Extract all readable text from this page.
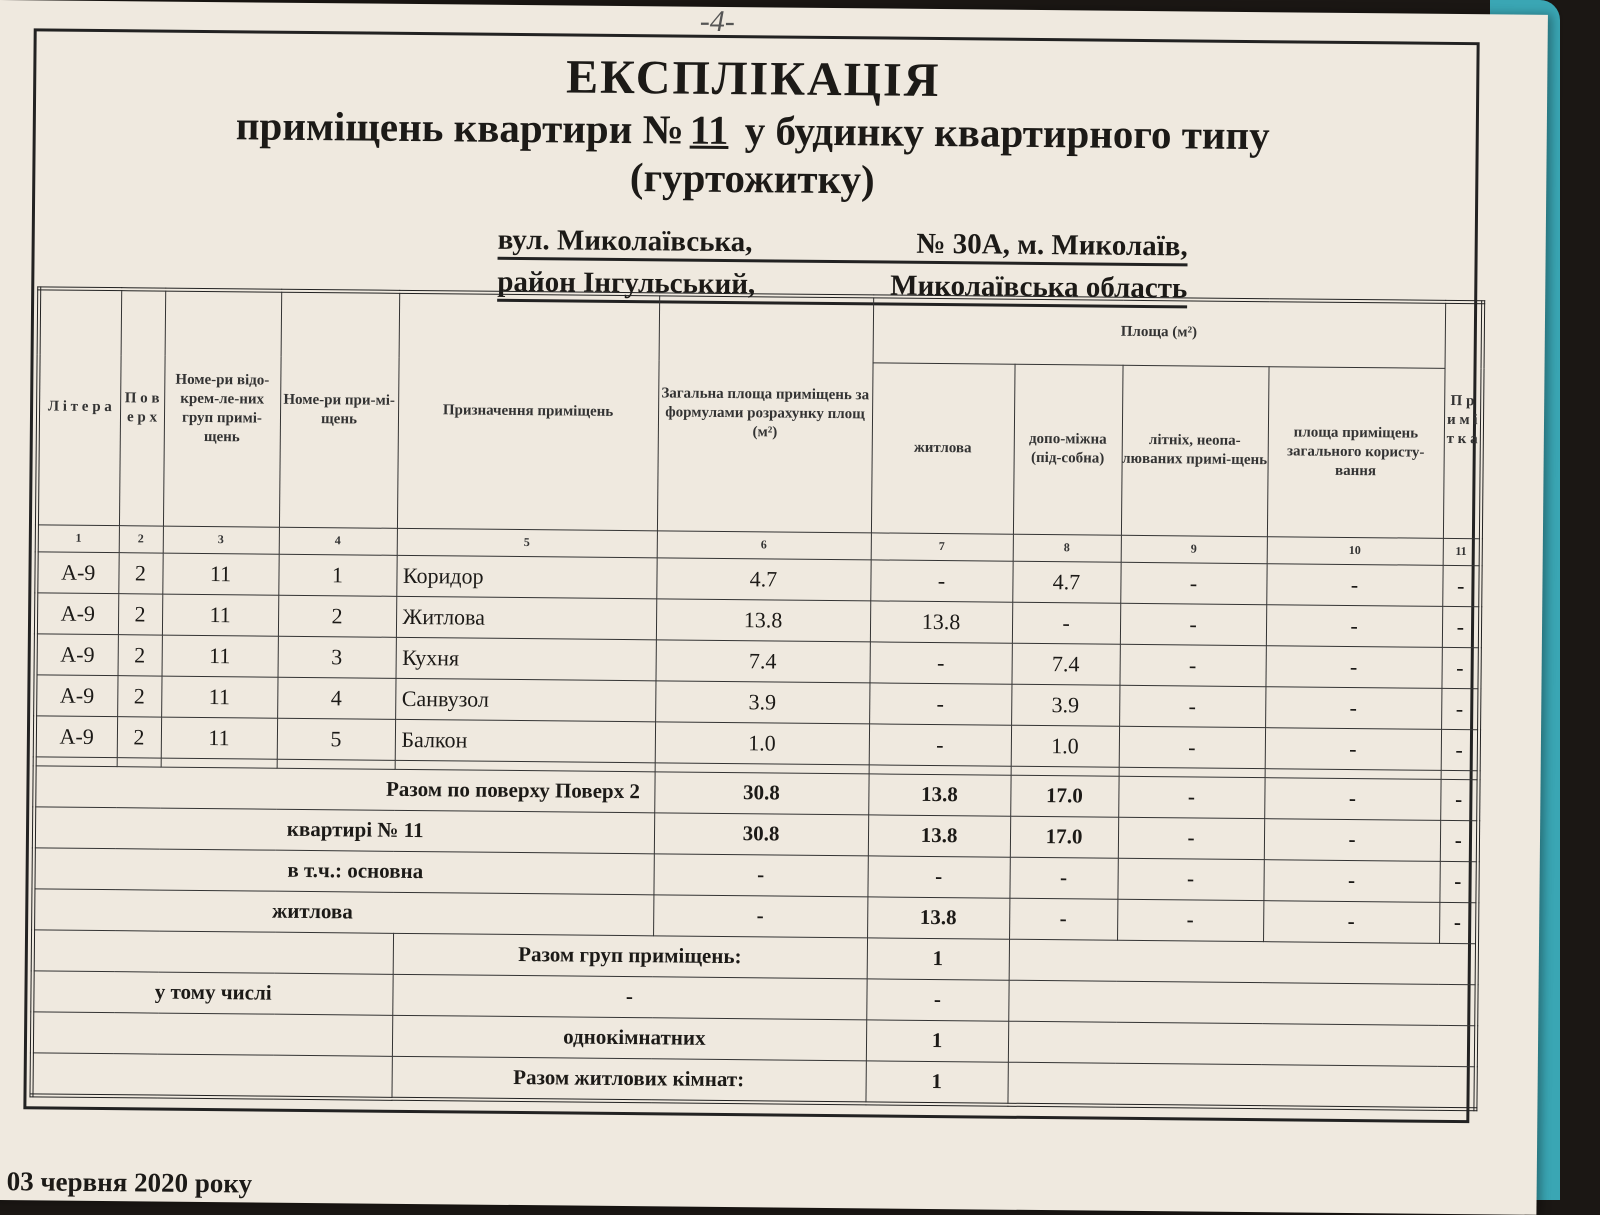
-4-
ЕКСПЛІКАЦІЯ
приміщень квартири № 11 у будинку квартирного типу
(гуртожитку)
вул. Миколаївська,	№ 30А, м. Миколаїв,
район Інгульський,	Миколаївська область
Л і т е р а	П о в е р х	Номе-ри відо-крем-ле-них груп примі-щень	Номе-ри при-мі-щень	Призначення приміщень	Загальна площа приміщень за формулами розрахунку площ (м²)	Площа (м²)				П р и м і т к а
						житлова	допо-міжна (під-собна)	літніх, неопа-люваних примі-щень	площа приміщень загального користу-вання	
1	2	3	4	5	6	7	8	9	10	11
А-9	2	11	1	Коридор	4.7	-	4.7	-	-	-
А-9	2	11	2	Житлова	13.8	13.8	-	-	-	-
А-9	2	11	3	Кухня	7.4	-	7.4	-	-	-
А-9	2	11	4	Санвузол	3.9	-	3.9	-	-	-
А-9	2	11	5	Балкон	1.0	-	1.0	-	-	-

Разом по поверху Поверх 2					30.8	13.8	17.0	-	-	-
квартирі № 11					30.8	13.8	17.0	-	-	-
в т.ч.: основна					-	-	-	-	-	-
житлова					-	13.8	-	-	-	-
				Разом груп приміщень:		1				
у тому числі				-		-				
				однокімнатних		1				
				Разом житлових кімнат:		1				
03 червня 2020 року
